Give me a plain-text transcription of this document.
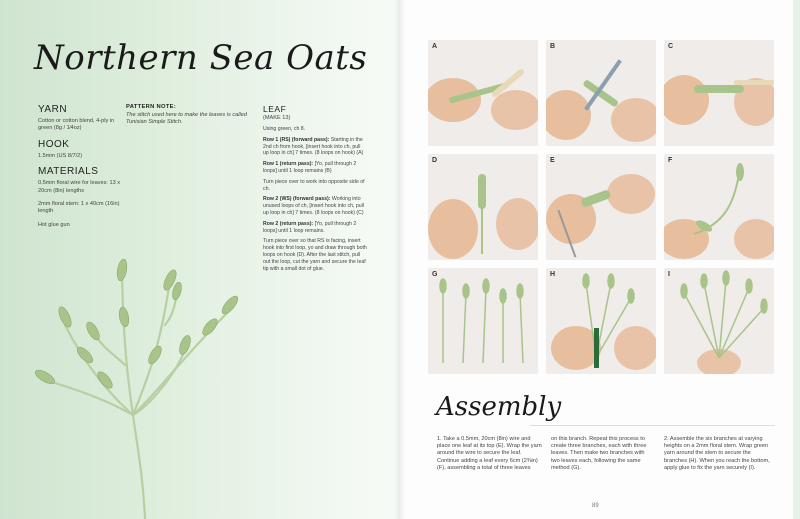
Northern Sea Oats
YARN
Cotton or cotton blend, 4-ply in green (8g / 1⁄4oz)
HOOK
1.5mm (US 8/7/2)
MATERIALS
0.5mm floral wire for leaves: 13 x 20cm (8in) lengths
2mm floral stem: 1 x 40cm (16in) length
Hot glue gun
PATTERN NOTE:
The stitch used here to make the leaves is called Tunisian Simple Stitch.
LEAF
(MAKE 13)
Using green, ch 8.
Row 1 (RS) (forward pass): Starting in the 2nd ch from hook, [insert hook into ch, pull up loop in ch] 7 times. (8 loops on hook) (A)
Row 1 (return pass): [Yo, pull through 2 loops] until 1 loop remains (B)
Turn piece over to work into opposite side of ch.
Row 2 (WS) (forward pass): Working into unused loops of ch, [insert hook into ch, pull up loop in ch] 7 times. (8 loops on hook) (C)
Row 2 (return pass): [Yo, pull through 2 loops] until 1 loop remains.
Turn piece over so that RS is facing, insert hook into first loop, yo and draw through both loops on hook (D). After the last stitch, pull out the loop, cut the yarn and secure the leaf tip with a small dot of glue.
A	B	C
D	E	F
G	H	I
Assembly
1. Take a 0.5mm, 20cm (8in) wire and place one leaf at its top (E). Wrap the yarn around the wire to secure the leaf. Continue adding a leaf every 6cm (2⅜in) (F), assembling a total of three leaves
on this branch. Repeat this process to create three branches, each with three leaves. Then make two branches with two leaves each, following the same method (G).
2. Assemble the six branches at varying heights on a 2mm floral stem. Wrap green yarn around the stem to secure the branches (H). When you reach the bottom, apply glue to fix the yarn securely (I).
89
